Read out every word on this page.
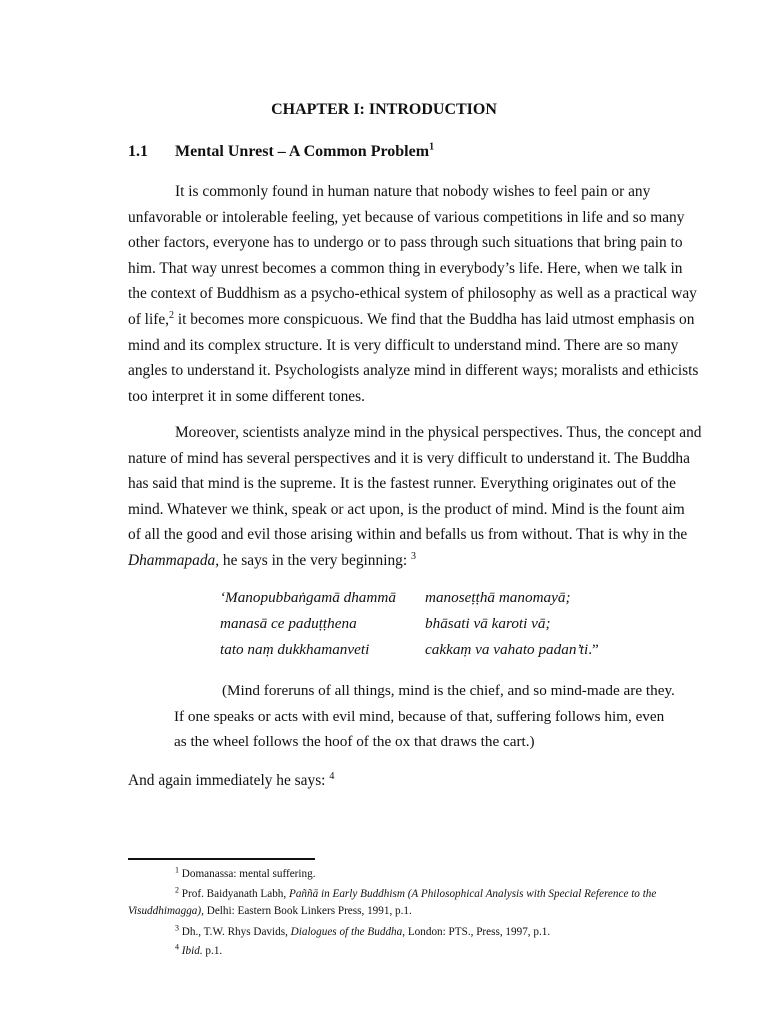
CHAPTER I: INTRODUCTION
1.1 Mental Unrest – A Common Problem$^1$
It is commonly found in human nature that nobody wishes to feel pain or any
unfavorable or intolerable feeling, yet because of various competitions in life and so many
other factors, everyone has to undergo or to pass through such situations that bring pain to
him. That way unrest becomes a common thing in everybody’s life. Here, when we talk in
the context of Buddhism as a psycho-ethical system of philosophy as well as a practical way
of life,$^2$ it becomes more conspicuous. We find that the Buddha has laid utmost emphasis on
mind and its complex structure. It is very difficult to understand mind. There are so many
angles to understand it. Psychologists analyze mind in different ways; moralists and ethicists
too interpret it in some different tones.
Moreover, scientists analyze mind in the physical perspectives. Thus, the concept and
nature of mind has several perspectives and it is very difficult to understand it. The Buddha
has said that mind is the supreme. It is the fastest runner. Everything originates out of the
mind. Whatever we think, speak or act upon, is the product of mind. Mind is the fount aim
of all the good and evil those arising within and befalls us from without. That is why in the
Dhammapada, he says in the very beginning: $^3$
‘Manopubbaṅgamā dhammā
manasā ce paduṭṭhena
tato naṃ dukkhamanveti
manoseṭṭhā manomayā;
bhāsati vā karoti vā;
cakkaṃ va vahato padan’ti.”
(Mind foreruns of all things, mind is the chief, and so mind-made are they.
If one speaks or acts with evil mind, because of that, suffering follows him, even
as the wheel follows the hoof of the ox that draws the cart.)
And again immediately he says: $^4$
$^1$ Domanassa: mental suffering.
$^2$ Prof. Baidyanath Labh, Paññā in Early Buddhism (A Philosophical Analysis with Special Reference to the
Visuddhimagga), Delhi: Eastern Book Linkers Press, 1991, p.1.
$^3$ Dh., T.W. Rhys Davids, Dialogues of the Buddha, London: PTS., Press, 1997, p.1.
$^4$ Ibid. p.1.
